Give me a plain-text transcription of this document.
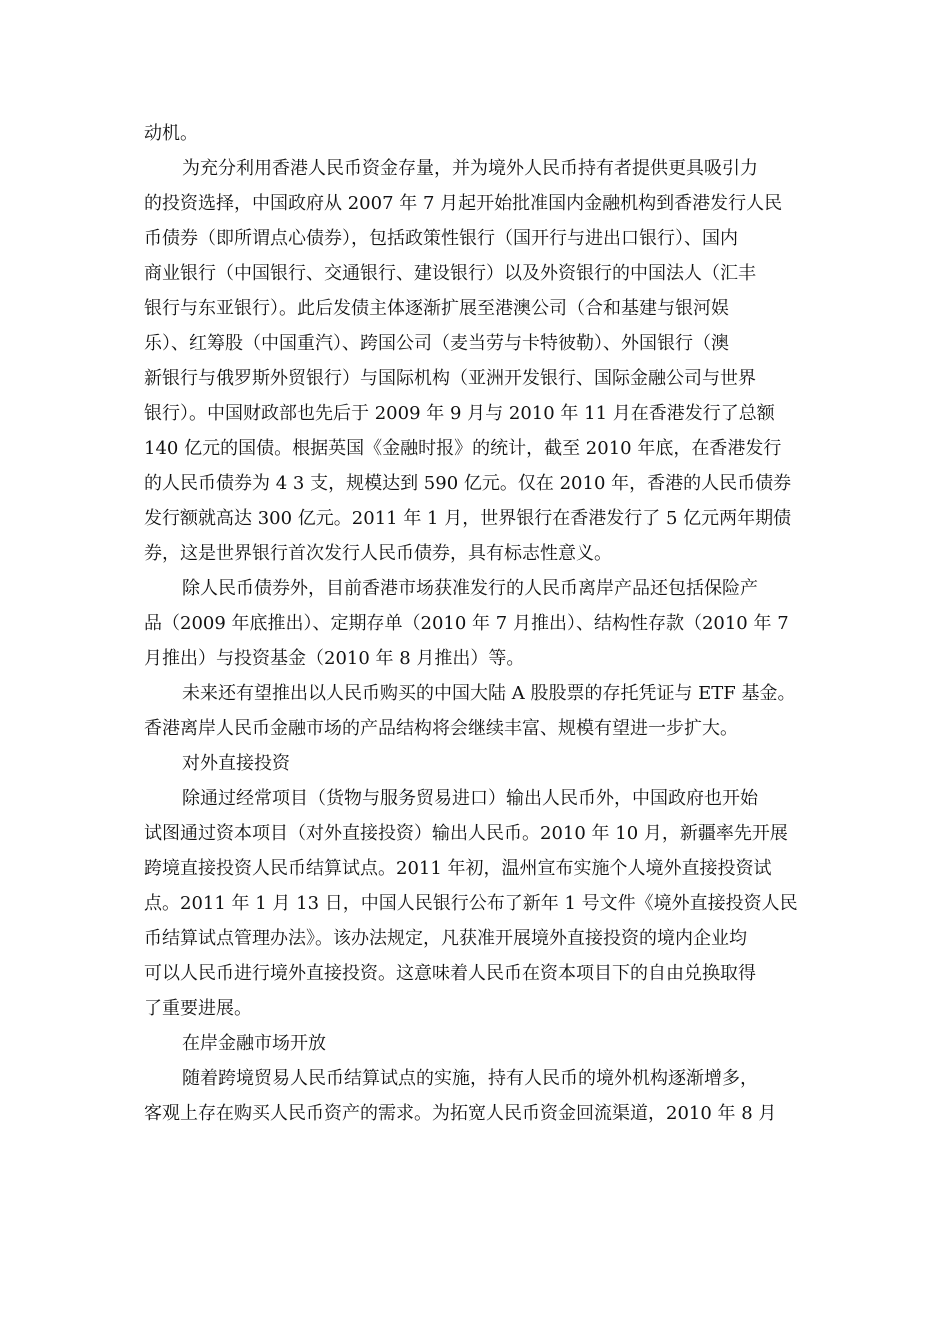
动机。
为充分利用香港人民币资金存量，并为境外人民币持有者提供更具吸引力
的投资选择，中国政府从 2007 年 7 月起开始批准国内金融机构到香港发行人民
币债券（即所谓点心债券），包括政策性银行（国开行与进出口银行）、国内
商业银行（中国银行、交通银行、建设银行）以及外资银行的中国法人（汇丰
银行与东亚银行）。此后发债主体逐渐扩展至港澳公司（合和基建与银河娱
乐）、红筹股（中国重汽）、跨国公司（麦当劳与卡特彼勒）、外国银行（澳
新银行与俄罗斯外贸银行）与国际机构（亚洲开发银行、国际金融公司与世界
银行）。中国财政部也先后于 2009 年 9 月与 2010 年 11 月在香港发行了总额
140 亿元的国债。根据英国《金融时报》的统计，截至 2010 年底，在香港发行
的人民币债券为 4 3 支，规模达到 590 亿元。仅在 2010 年，香港的人民币债券
发行额就高达 300 亿元。2011 年 1 月，世界银行在香港发行了 5 亿元两年期债
券，这是世界银行首次发行人民币债券，具有标志性意义。
除人民币债券外，目前香港市场获准发行的人民币离岸产品还包括保险产
品（2009 年底推出）、定期存单（2010 年 7 月推出）、结构性存款（2010 年 7
月推出）与投资基金（2010 年 8 月推出）等。
未来还有望推出以人民币购买的中国大陆 A 股股票的存托凭证与 ETF 基金。
香港离岸人民币金融市场的产品结构将会继续丰富、规模有望进一步扩大。
对外直接投资
除通过经常项目（货物与服务贸易进口）输出人民币外，中国政府也开始
试图通过资本项目（对外直接投资）输出人民币。2010 年 10 月，新疆率先开展
跨境直接投资人民币结算试点。2011 年初，温州宣布实施个人境外直接投资试
点。2011 年 1 月 13 日，中国人民银行公布了新年 1 号文件《境外直接投资人民
币结算试点管理办法》。该办法规定，凡获准开展境外直接投资的境内企业均
可以人民币进行境外直接投资。这意味着人民币在资本项目下的自由兑换取得
了重要进展。
在岸金融市场开放
随着跨境贸易人民币结算试点的实施，持有人民币的境外机构逐渐增多，
客观上存在购买人民币资产的需求。为拓宽人民币资金回流渠道，2010 年 8 月
